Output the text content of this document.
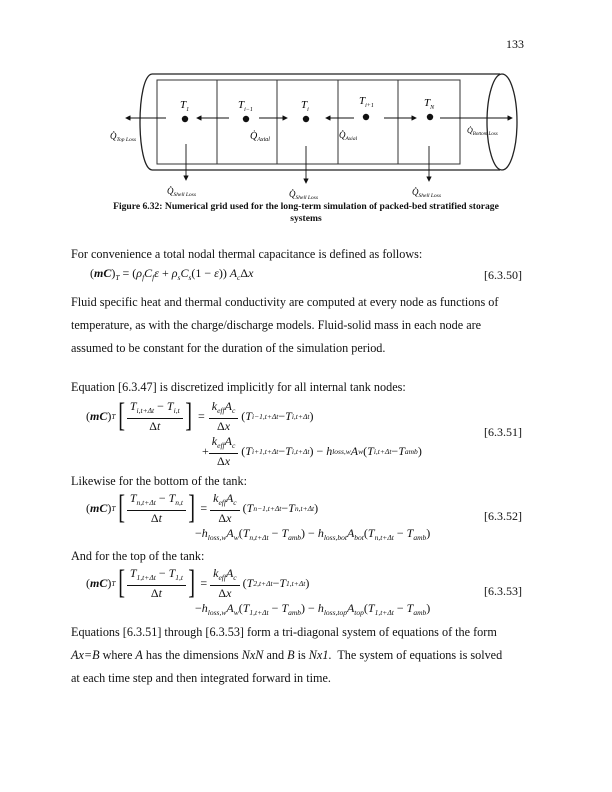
133
$T_1$	$T_{i-1}$	$T_i$
$T_{i+1}$	$T_N$
$Q̇_{Top Loss}$	$Q̇_{Axial}$	$Q̇_{Axial}$
$Q̇_{Bottom Loss}$
$Q̇_{Shell Loss}$	$Q̇_{Shell Loss}$
$Q̇_{Shell Loss}$
Figure 6.32: Numerical grid used for the long-term simulation of packed-bed stratified storage
systems
For convenience a total nodal thermal capacitance is defined as follows:
$(mC)_T = (\rho_fC_f\varepsilon + \rho_sC_s(1 - \varepsilon))$ $A_c\Delta x$	[6.3.50]
Fluid specific heat and thermal conductivity are computed at every node as functions of
temperature, as with the charge/discharge models. Fluid-solid mass in each node are
assumed to be constant for the duration of the simulation period.
Equation [6.3.47] is discretized implicitly for all internal tank nodes:
(mC) T [ $\frac{T_{i,t+\Delta t} - T_{i,t}}{\Delta t}$ ] = $\frac{k_{eff}A_c}{\Delta x}$ ( T i−1,t+Δt − T i,t+Δt )
+ $\frac{k_{eff}A_c}{\Delta x}$ ( T i+1,t+Δt − T i,t+Δt ) − h loss,w A w ( T i,t+Δt − T amb )
[6.3.51]
Likewise for the bottom of the tank:
(mC) T [ $\frac{T_{n,t+\Delta t} - T_{n,t}}{\Delta t}$ ] = $\frac{k_{eff}A_c}{\Delta x}$ ( T n−1,t+Δt − T n,t+Δt )
$-h_{loss,w}A_w(T_{n,t+\Delta t} - T_{amb}) - h_{loss,bot}A_{bot}(T_{n,t+\Delta t} - T_{amb})$
[6.3.52]
And for the top of the tank:
(mC) T [ $\frac{T_{1,t+\Delta t} - T_{1,t}}{\Delta t}$ ] = $\frac{k_{eff}A_c}{\Delta x}$ ( T 2,t+Δt − T 1,t+Δt )
$-h_{loss,w}A_w(T_{1,t+\Delta t} - T_{amb}) - h_{loss,top}A_{top}(T_{1,t+\Delta t} - T_{amb})$
[6.3.53]
Equations [6.3.51] through [6.3.53] form a tri-diagonal system of equations of the form
Ax=B where A has the dimensions NxN and B is Nx1.  The system of equations is solved
at each time step and then integrated forward in time.
